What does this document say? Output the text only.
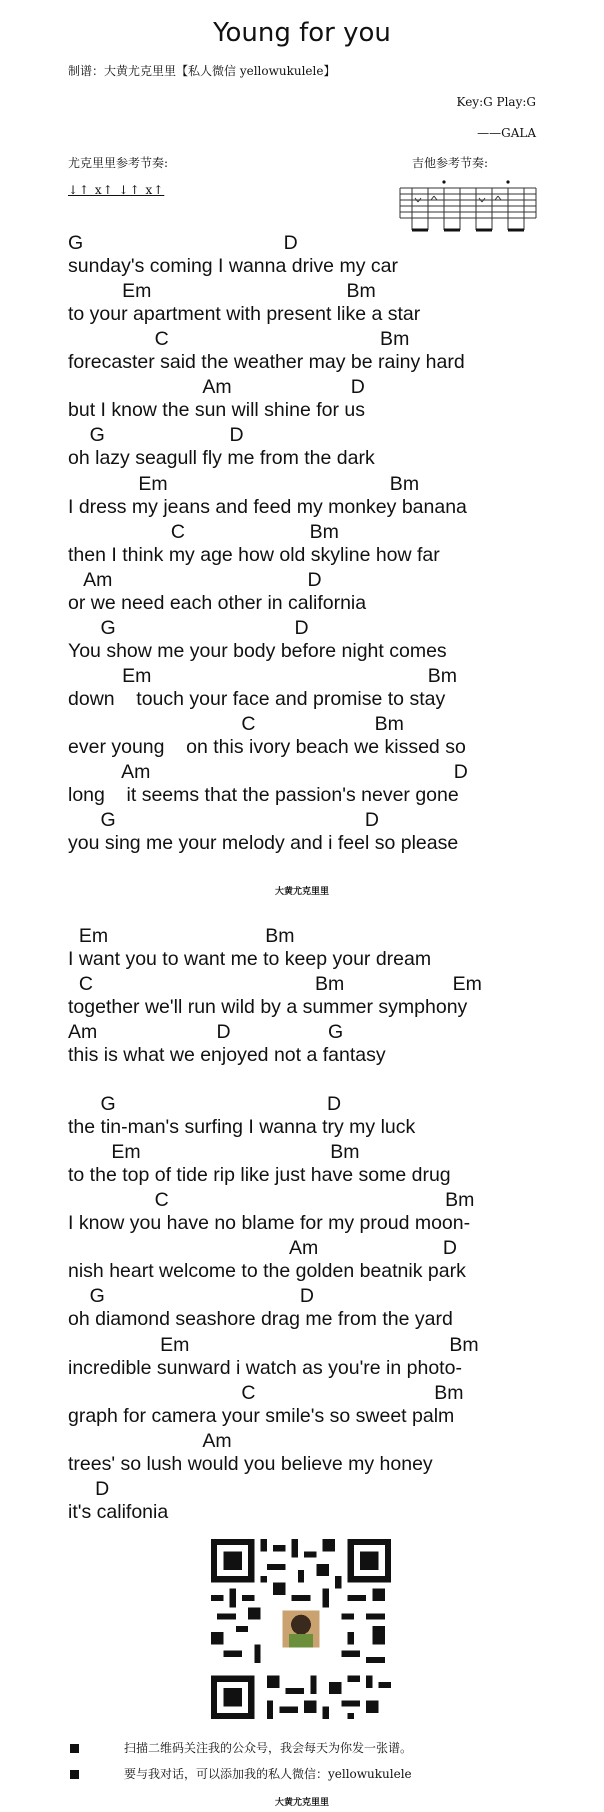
Young for you
制谱：大黄尤克里里【私人微信 yellowukulele】
Key:G Play:G
——GALA
尤克里里参考节奏:	吉他参考节奏:
↓↑ x↑ ↓↑ x↑
G                                     D
sunday's coming I wanna drive my car
Em                                    Bm
to your apartment with present like a star
C                                       Bm
forecaster said the weather may be rainy hard
Am                      D
but I know the sun will shine for us
G                       D
oh lazy seagull fly me from the dark
Em                                         Bm
I dress my jeans and feed my monkey banana
C                       Bm
then I think my age how old skyline how far
Am                                    D
or we need each other in california
G                                 D
You show me your body before night comes
Em                                                   Bm
down    touch your face and promise to stay
C                      Bm
ever young    on this ivory beach we kissed so
Am                                                        D
long    it seems that the passion's never gone
G                                              D
you sing me your melody and i feel so please
Em                             Bm
I want you to want me to keep your dream
C                                         Bm                    Em
together we'll run wild by a summer symphony
Am                      D                  G
this is what we enjoyed not a fantasy
G                                       D
the tin-man's surfing I wanna try my luck
Em                                   Bm
to the top of tide rip like just have some drug
C                                                   Bm
I know you have no blame for my proud moon-
Am                       D
nish heart welcome to the golden beatnik park
G                                    D
oh diamond seashore drag me from the yard
Em                                                Bm
incredible sunward i watch as you're in photo-
C                                 Bm
graph for camera your smile's so sweet palm
Am
trees' so lush would you believe my honey
D
it's califonia
大黄尤克里里
扫描二维码关注我的公众号，我会每天为你发一张谱。
要与我对话，可以添加我的私人微信：yellowukulele
大黄尤克里里
